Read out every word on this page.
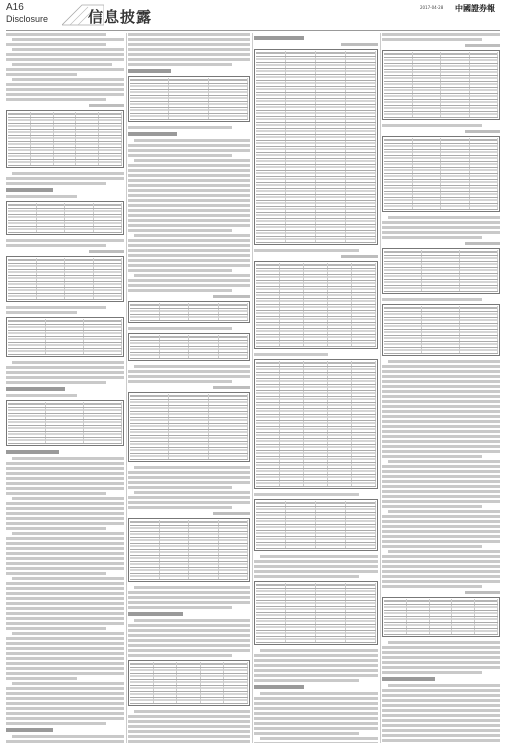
A16
Disclosure	信息披露
2017-04-28 中國證券報
